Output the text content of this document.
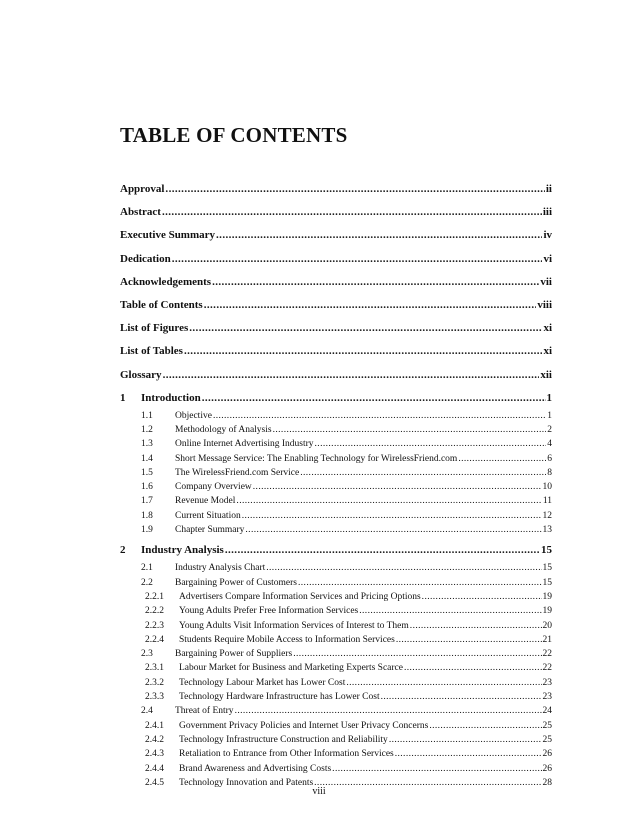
TABLE OF CONTENTS
Approval .....	ii
Abstract .....	iii
Executive Summary .....	iv
Dedication .....	vi
Acknowledgements .....	vii
Table of Contents .....	viii
List of Figures .....	xi
List of Tables .....	xi
Glossary .....	xii
1	Introduction .....	1
1.1	Objective .....	1
1.2	Methodology of Analysis .....	2
1.3	Online Internet Advertising Industry .....	4
1.4	Short Message Service: The Enabling Technology for WirelessFriend.com .....	6
1.5	The WirelessFriend.com Service .....	8
1.6	Company Overview .....	10
1.7	Revenue Model .....	11
1.8	Current Situation .....	12
1.9	Chapter Summary .....	13
2	Industry Analysis .....	15
2.1	Industry Analysis Chart .....	15
2.2	Bargaining Power of Customers .....	15
2.2.1	Advertisers Compare Information Services and Pricing Options .....	19
2.2.2	Young Adults Prefer Free Information Services .....	19
2.2.3	Young Adults Visit Information Services of Interest to Them .....	20
2.2.4	Students Require Mobile Access to Information Services .....	21
2.3	Bargaining Power of Suppliers .....	22
2.3.1	Labour Market for Business and Marketing Experts Scarce .....	22
2.3.2	Technology Labour Market has Lower Cost .....	23
2.3.3	Technology Hardware Infrastructure has Lower Cost .....	23
2.4	Threat of Entry .....	24
2.4.1	Government Privacy Policies and Internet User Privacy Concerns .....	25
2.4.2	Technology Infrastructure Construction and Reliability .....	25
2.4.3	Retaliation to Entrance from Other Information Services .....	26
2.4.4	Brand Awareness and Advertising Costs .....	26
2.4.5	Technology Innovation and Patents .....	28
viii
